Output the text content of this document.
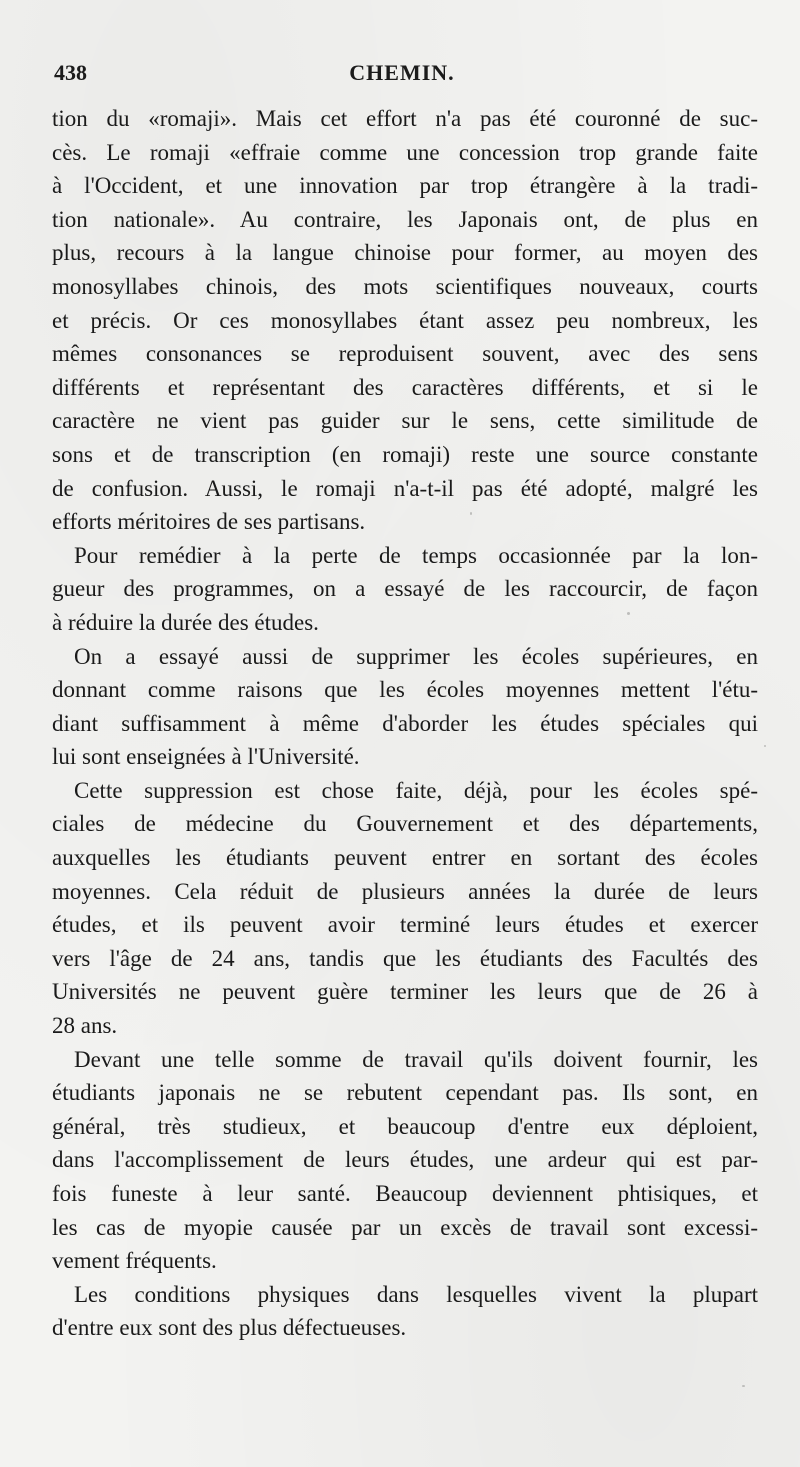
438	CHEMIN.
tion du «romaji». Mais cet effort n'a pas été couronné de suc-
cès. Le romaji «effraie comme une concession trop grande faite
à l'Occident, et une innovation par trop étrangère à la tradi-
tion nationale». Au contraire, les Japonais ont, de plus en
plus, recours à la langue chinoise pour former, au moyen des
monosyllabes chinois, des mots scientifiques nouveaux, courts
et précis. Or ces monosyllabes étant assez peu nombreux, les
mêmes consonances se reproduisent souvent, avec des sens
différents et représentant des caractères différents, et si le
caractère ne vient pas guider sur le sens, cette similitude de
sons et de transcription (en romaji) reste une source constante
de confusion. Aussi, le romaji n'a-t-il pas été adopté, malgré les
efforts méritoires de ses partisans.
Pour remédier à la perte de temps occasionnée par la lon-
gueur des programmes, on a essayé de les raccourcir, de façon
à réduire la durée des études.
On a essayé aussi de supprimer les écoles supérieures, en
donnant comme raisons que les écoles moyennes mettent l'étu-
diant suffisamment à même d'aborder les études spéciales qui
lui sont enseignées à l'Université.
Cette suppression est chose faite, déjà, pour les écoles spé-
ciales de médecine du Gouvernement et des départements,
auxquelles les étudiants peuvent entrer en sortant des écoles
moyennes. Cela réduit de plusieurs années la durée de leurs
études, et ils peuvent avoir terminé leurs études et exercer
vers l'âge de 24 ans, tandis que les étudiants des Facultés des
Universités ne peuvent guère terminer les leurs que de 26 à
28 ans.
Devant une telle somme de travail qu'ils doivent fournir, les
étudiants japonais ne se rebutent cependant pas. Ils sont, en
général, très studieux, et beaucoup d'entre eux déploient,
dans l'accomplissement de leurs études, une ardeur qui est par-
fois funeste à leur santé. Beaucoup deviennent phtisiques, et
les cas de myopie causée par un excès de travail sont excessi-
vement fréquents.
Les conditions physiques dans lesquelles vivent la plupart
d'entre eux sont des plus défectueuses.
